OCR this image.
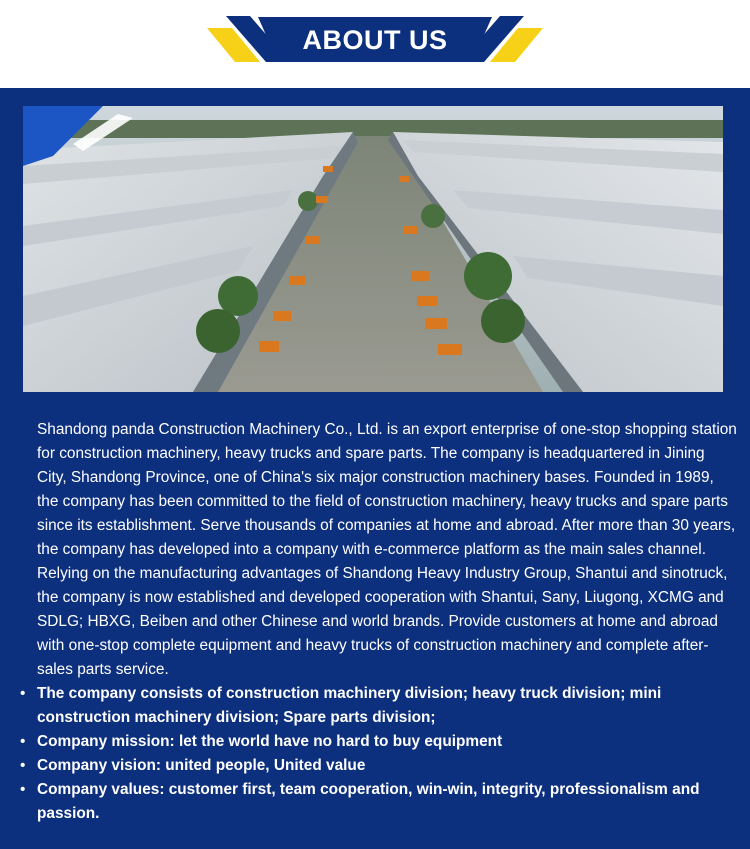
ABOUT US

Shandong panda Construction Machinery Co., Ltd. is an export enterprise of one-stop shopping station for construction machinery, heavy trucks and spare parts. The company is headquartered in Jining City, Shandong Province, one of China's six major construction machinery bases. Founded in 1989, the company has been committed to the field of construction machinery, heavy trucks and spare parts since its establishment. Serve thousands of companies at home and abroad. After more than 30 years, the company has developed into a company with e-commerce platform as the main sales channel. Relying on the manufacturing advantages of Shandong Heavy Industry Group, Shantui and sinotruck, the company is now established and developed cooperation with Shantui, Sany, Liugong, XCMG and SDLG; HBXG, Beiben and other Chinese and world brands. Provide customers at home and abroad with one-stop complete equipment and heavy trucks of construction machinery and complete after-sales parts service.

• The company consists of construction machinery division; heavy truck division; mini construction machinery division; Spare parts division;
• Company mission: let the world have no hard to buy equipment
• Company vision: united people, United value
• Company values: customer first, team cooperation, win-win, integrity, professionalism and passion.
